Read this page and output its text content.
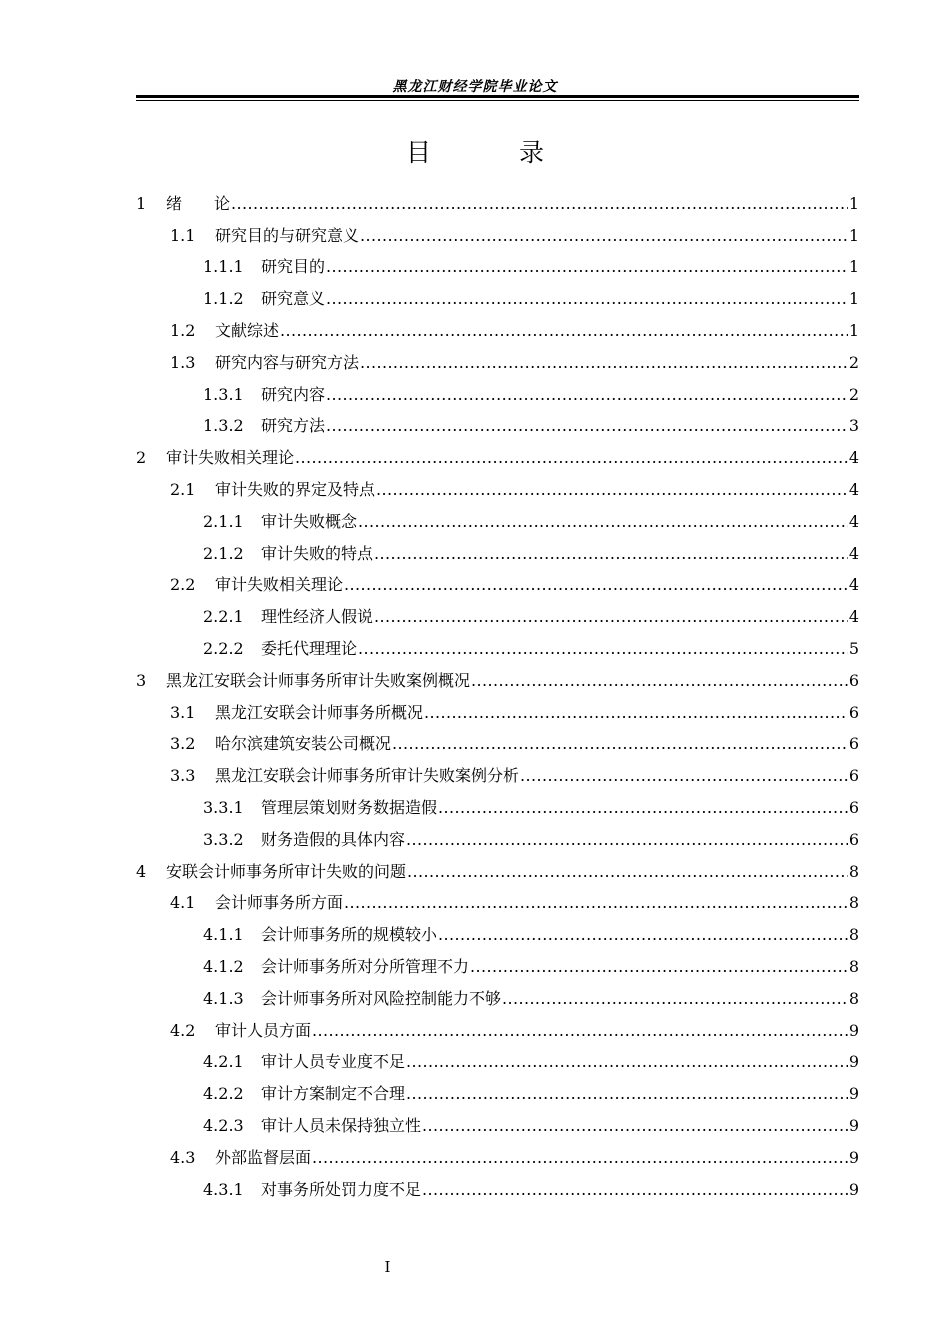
黑龙江财经学院毕业论文
目	录
1	绪　　论 .....	1
1.1	研究目的与研究意义 .....	1
1.1.1	研究目的 .....	1
1.1.2	研究意义 .....	1
1.2	文献综述 .....	1
1.3	研究内容与研究方法 .....	2
1.3.1	研究内容 .....	2
1.3.2	研究方法 .....	3
2	审计失败相关理论 .....	4
2.1	审计失败的界定及特点 .....	4
2.1.1	审计失败概念 .....	4
2.1.2	审计失败的特点 .....	4
2.2	审计失败相关理论 .....	4
2.2.1	理性经济人假说 .....	4
2.2.2	委托代理理论 .....	5
3	黑龙江安联会计师事务所审计失败案例概况 .....	6
3.1	黑龙江安联会计师事务所概况 .....	6
3.2	哈尔滨建筑安装公司概况 .....	6
3.3	黑龙江安联会计师事务所审计失败案例分析 .....	6
3.3.1	管理层策划财务数据造假 .....	6
3.3.2	财务造假的具体内容 .....	6
4	安联会计师事务所审计失败的问题 .....	8
4.1	会计师事务所方面 .....	8
4.1.1	会计师事务所的规模较小 .....	8
4.1.2	会计师事务所对分所管理不力 .....	8
4.1.3	会计师事务所对风险控制能力不够 .....	8
4.2	审计人员方面 .....	9
4.2.1	审计人员专业度不足 .....	9
4.2.2	审计方案制定不合理 .....	9
4.2.3	审计人员未保持独立性 .....	9
4.3	外部监督层面 .....	9
4.3.1	对事务所处罚力度不足 .....	9
I
